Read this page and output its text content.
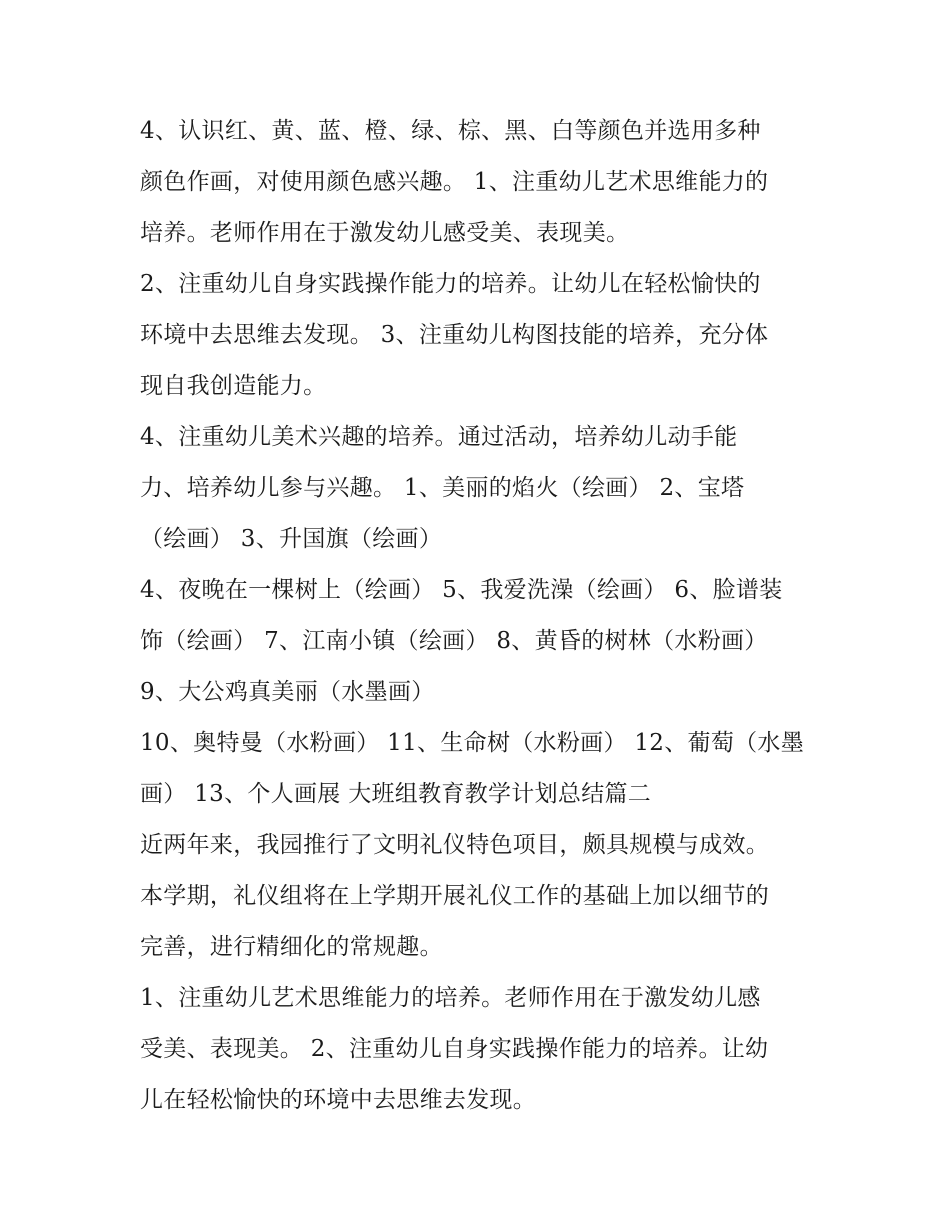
4、认识红、黄、蓝、橙、绿、棕、黑、白等颜色并选用多种
颜色作画，对使用颜色感兴趣。 1、注重幼儿艺术思维能力的
培养。老师作用在于激发幼儿感受美、表现美。
2、注重幼儿自身实践操作能力的培养。让幼儿在轻松愉快的
环境中去思维去发现。 3、注重幼儿构图技能的培养，充分体
现自我创造能力。
4、注重幼儿美术兴趣的培养。通过活动，培养幼儿动手能
力、培养幼儿参与兴趣。 1、美丽的焰火（绘画） 2、宝塔
（绘画） 3、升国旗（绘画）
4、夜晚在一棵树上（绘画） 5、我爱洗澡（绘画） 6、脸谱装
饰（绘画） 7、江南小镇（绘画） 8、黄昏的树林（水粉画）
9、大公鸡真美丽（水墨画）
10、奥特曼（水粉画） 11、生命树（水粉画） 12、葡萄（水墨
画） 13、个人画展 大班组教育教学计划总结篇二
近两年来，我园推行了文明礼仪特色项目，颇具规模与成效。
本学期，礼仪组将在上学期开展礼仪工作的基础上加以细节的
完善，进行精细化的常规趣。
1、注重幼儿艺术思维能力的培养。老师作用在于激发幼儿感
受美、表现美。 2、注重幼儿自身实践操作能力的培养。让幼
儿在轻松愉快的环境中去思维去发现。
